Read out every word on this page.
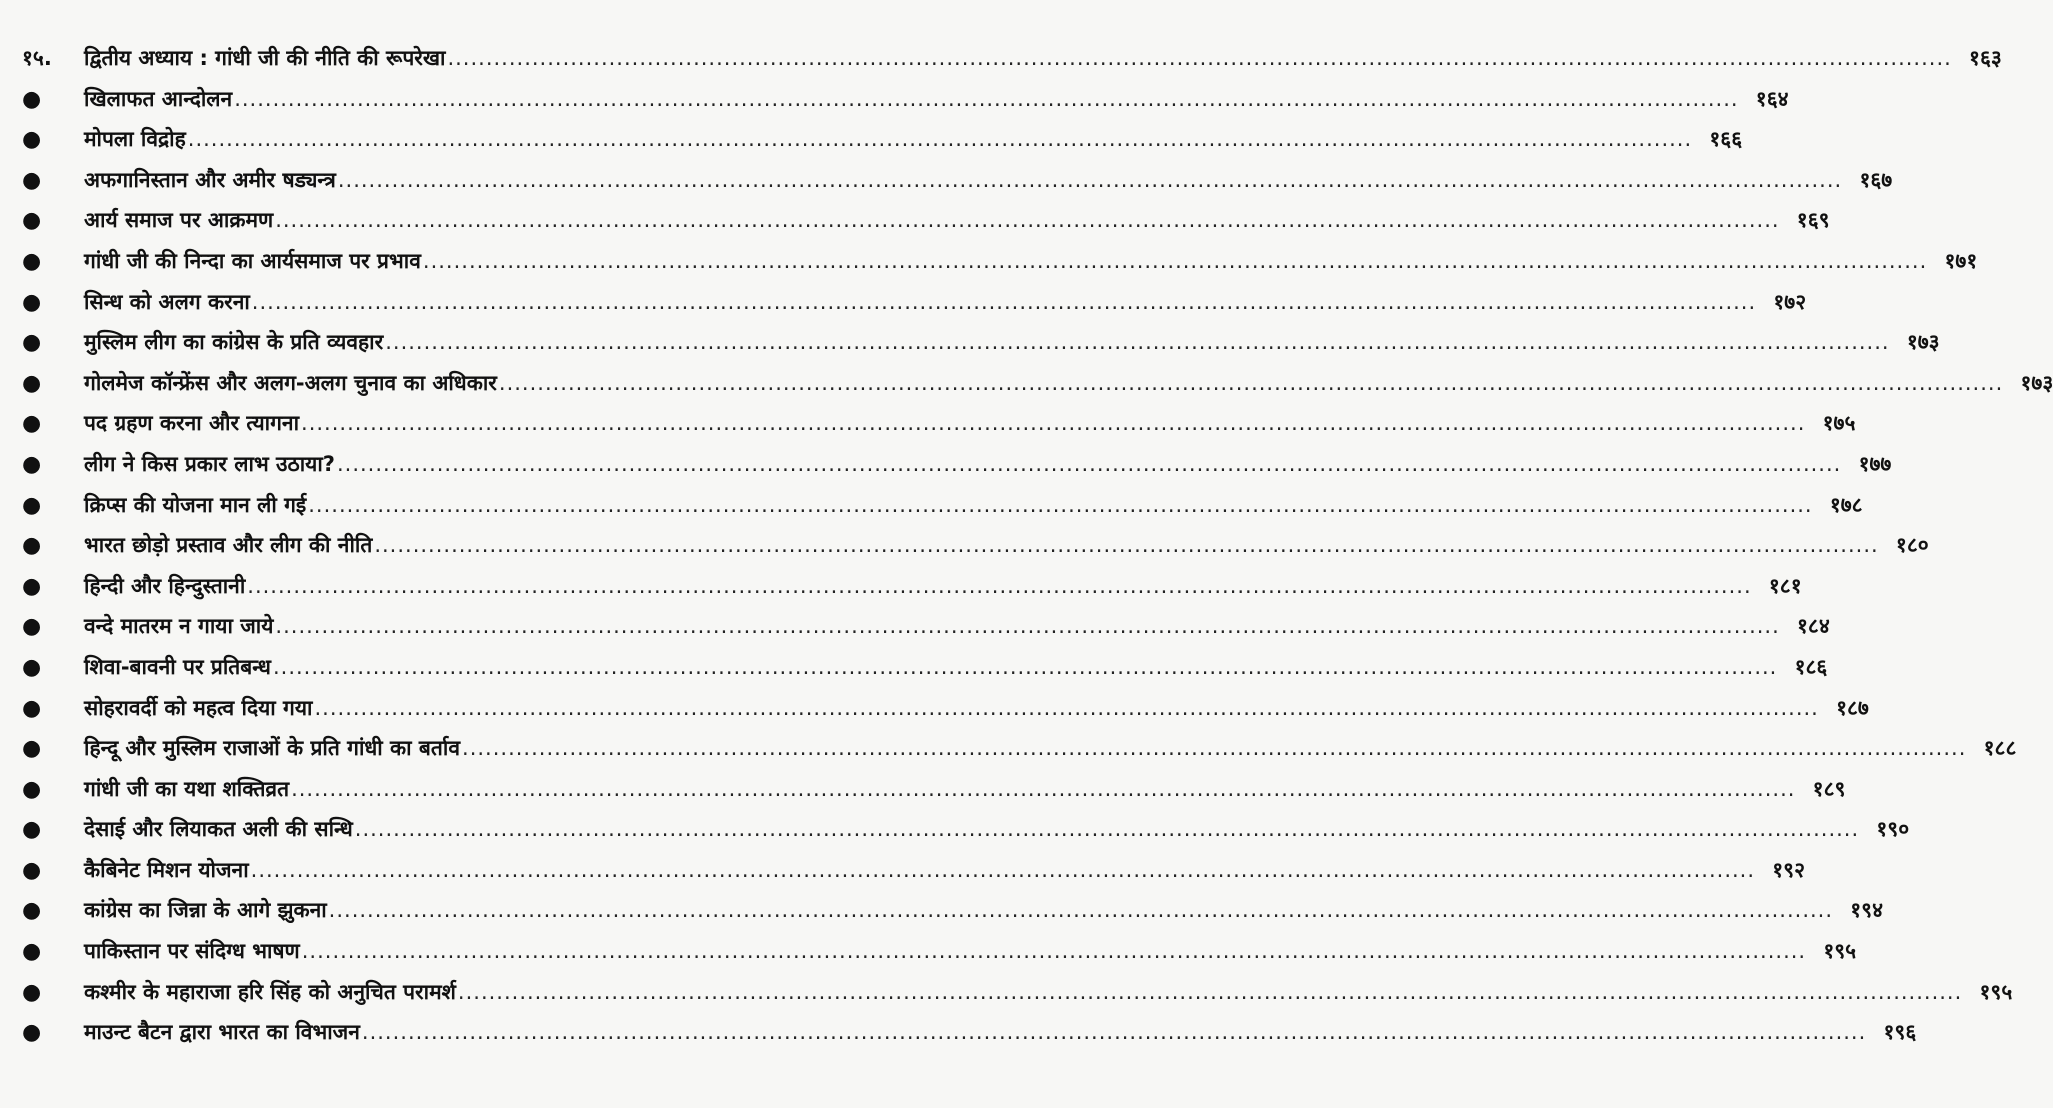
१५.	द्वितीय अध्याय : गांधी जी की नीति की रूपरेखा .....	१६३
●	खिलाफत आन्दोलन .....	१६४
●	मोपला विद्रोह .....	१६६
●	अफगानिस्तान और अमीर षड्यन्त्र .....	१६७
●	आर्य समाज पर आक्रमण .....	१६९
●	गांधी जी की निन्दा का आर्यसमाज पर प्रभाव .....	१७१
●	सिन्ध को अलग करना .....	१७२
●	मुस्लिम लीग का कांग्रेस के प्रति व्यवहार .....	१७३
●	गोलमेज कॉन्फ्रेंस और अलग-अलग चुनाव का अधिकार .....	१७३
●	पद ग्रहण करना और त्यागना .....	१७५
●	लीग ने किस प्रकार लाभ उठाया? .....	१७७
●	क्रिप्स की योजना मान ली गई .....	१७८
●	भारत छोड़ो प्रस्ताव और लीग की नीति .....	१८०
●	हिन्दी और हिन्दुस्तानी .....	१८१
●	वन्दे मातरम न गाया जाये .....	१८४
●	शिवा-बावनी पर प्रतिबन्ध .....	१८६
●	सोहरावर्दी को महत्व दिया गया .....	१८७
●	हिन्दू और मुस्लिम राजाओं के प्रति गांधी का बर्ताव .....	१८८
●	गांधी जी का यथा शक्तिव्रत .....	१८९
●	देसाई और लियाकत अली की सन्धि .....	१९०
●	कैबिनेट मिशन योजना .....	१९२
●	कांग्रेस का जिन्ना के आगे झुकना .....	१९४
●	पाकिस्तान पर संदिग्ध भाषण .....	१९५
●	कश्मीर के महाराजा हरि सिंह को अनुचित परामर्श .....	१९५
●	माउन्ट बैटन द्वारा भारत का विभाजन .....	१९६
